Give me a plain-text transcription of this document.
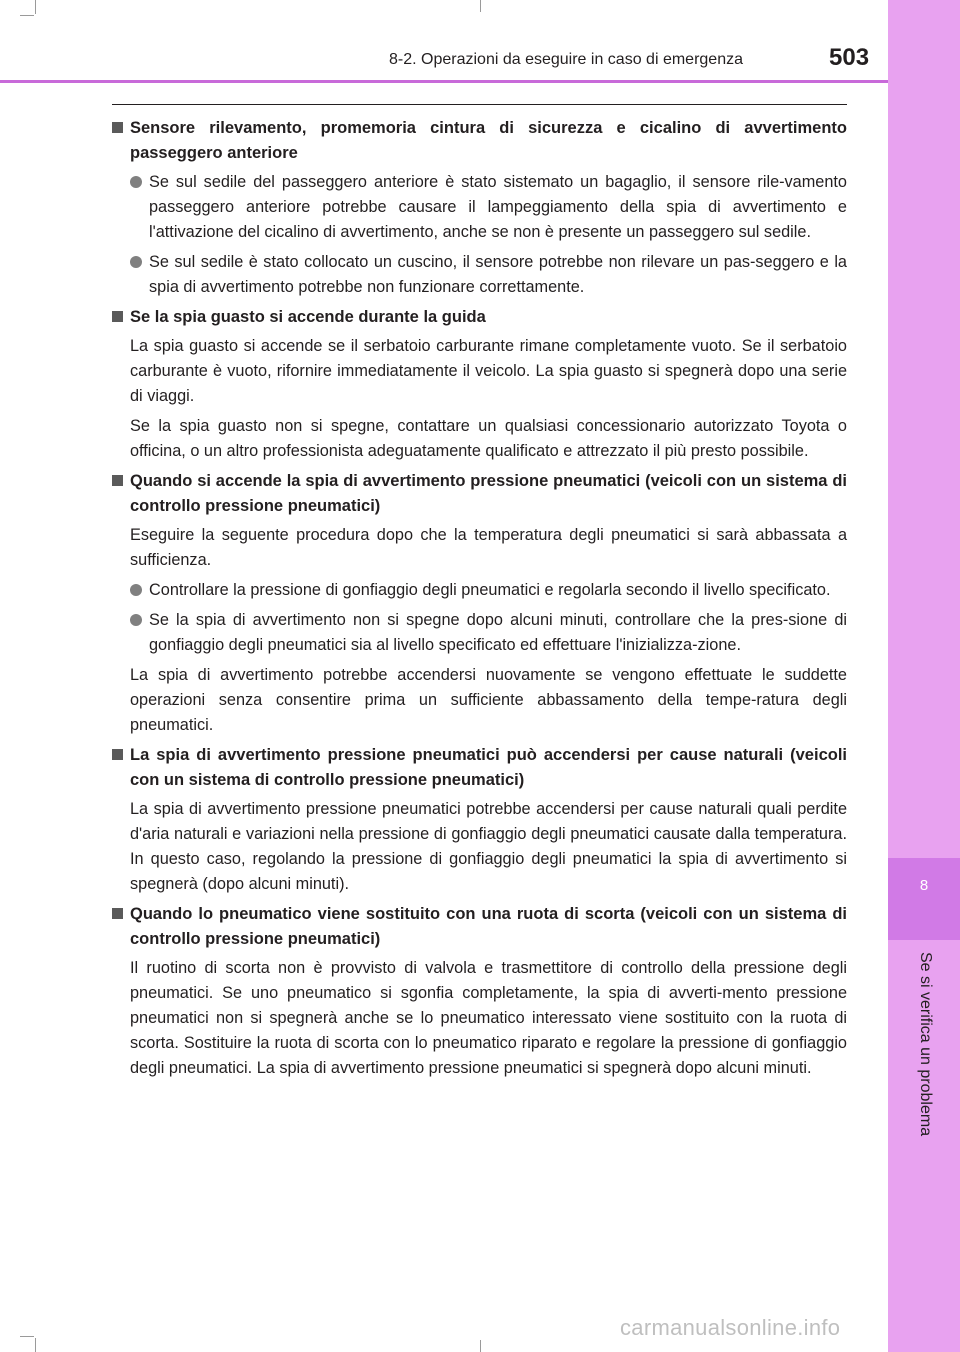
8
Se si verifica un problema
8-2. Operazioni da eseguire in caso di emergenza	503
Sensore rilevamento, promemoria cintura di sicurezza e cicalino di avvertimento passeggero anteriore
Se sul sedile del passeggero anteriore è stato sistemato un bagaglio, il sensore rile-vamento passeggero anteriore potrebbe causare il lampeggiamento della spia di avvertimento e l'attivazione del cicalino di avvertimento, anche se non è presente un passeggero sul sedile.
Se sul sedile è stato collocato un cuscino, il sensore potrebbe non rilevare un pas-seggero e la spia di avvertimento potrebbe non funzionare correttamente.
Se la spia guasto si accende durante la guida
La spia guasto si accende se il serbatoio carburante rimane completamente vuoto. Se il serbatoio carburante è vuoto, rifornire immediatamente il veicolo. La spia guasto si spegnerà dopo una serie di viaggi.
Se la spia guasto non si spegne, contattare un qualsiasi concessionario autorizzato Toyota o officina, o un altro professionista adeguatamente qualificato e attrezzato il più presto possibile.
Quando si accende la spia di avvertimento pressione pneumatici (veicoli con un sistema di controllo pressione pneumatici)
Eseguire la seguente procedura dopo che la temperatura degli pneumatici si sarà abbassata a sufficienza.
Controllare la pressione di gonfiaggio degli pneumatici e regolarla secondo il livello specificato.
Se la spia di avvertimento non si spegne dopo alcuni minuti, controllare che la pres-sione di gonfiaggio degli pneumatici sia al livello specificato ed effettuare l'inizializza-zione.
La spia di avvertimento potrebbe accendersi nuovamente se vengono effettuate le suddette operazioni senza consentire prima un sufficiente abbassamento della tempe-ratura degli pneumatici.
La spia di avvertimento pressione pneumatici può accendersi per cause naturali (veicoli con un sistema di controllo pressione pneumatici)
La spia di avvertimento pressione pneumatici potrebbe accendersi per cause naturali quali perdite d'aria naturali e variazioni nella pressione di gonfiaggio degli pneumatici causate dalla temperatura. In questo caso, regolando la pressione di gonfiaggio degli pneumatici la spia di avvertimento si spegnerà (dopo alcuni minuti).
Quando lo pneumatico viene sostituito con una ruota di scorta (veicoli con un sistema di controllo pressione pneumatici)
Il ruotino di scorta non è provvisto di valvola e trasmettitore di controllo della pressione degli pneumatici. Se uno pneumatico si sgonfia completamente, la spia di avverti-mento pressione pneumatici non si spegnerà anche se lo pneumatico interessato viene sostituito con la ruota di scorta. Sostituire la ruota di scorta con lo pneumatico riparato e regolare la pressione di gonfiaggio degli pneumatici. La spia di avvertimento pressione pneumatici si spegnerà dopo alcuni minuti.
carmanualsonline.info
